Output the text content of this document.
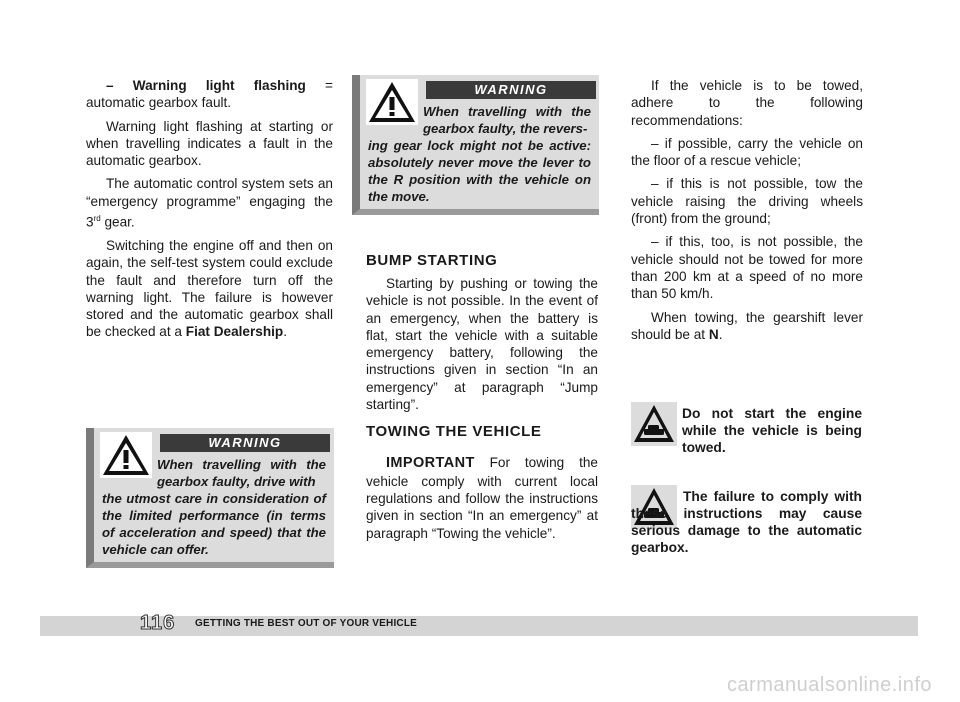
– Warning light flashing = automatic gearbox fault.

Warning light flashing at starting or when travelling indicates a fault in the automatic gearbox.

The automatic control system sets an “emergency programme” engaging the 3rd gear.

Switching the engine off and then on again, the self-test system could exclude the fault and therefore turn off the warning light. The failure is however stored and the automatic gearbox shall be checked at a Fiat Dealership.

WARNING
When travelling with the gearbox faulty, drive with
the utmost care in consideration of the limited performance (in terms of acceleration and speed) that the vehicle can offer.
WARNING
When travelling with the gearbox faulty, the revers-
ing gear lock might not be active: absolutely never move the lever to the R position with the vehicle on the move.
BUMP STARTING

Starting by pushing or towing the vehicle is not possible. In the event of an emergency, when the battery is flat, start the vehicle with a suitable emergency battery, following the instructions given in section “In an emergency” at paragraph “Jump starting”.

TOWING THE VEHICLE

IMPORTANT For towing the vehicle comply with current local regulations and follow the instructions given in section “In an emergency” at paragraph “Towing the vehicle”.

If the vehicle is to be towed, adhere to the following recommendations:

– if possible, carry the vehicle on the floor of a rescue vehicle;

– if this is not possible, tow the vehicle raising the driving wheels (front) from the ground;

– if this, too, is not possible, the vehicle should not be towed for more than 200 km at a speed of no more than 50 km/h.

When towing, the gearshift lever should be at N.

Do not start the engine while the vehicle is being towed.
The failure to comply with these instructions may cause serious damage to the automatic gearbox.
116 GETTING THE BEST OUT OF YOUR VEHICLE
carmanualsonline.info
